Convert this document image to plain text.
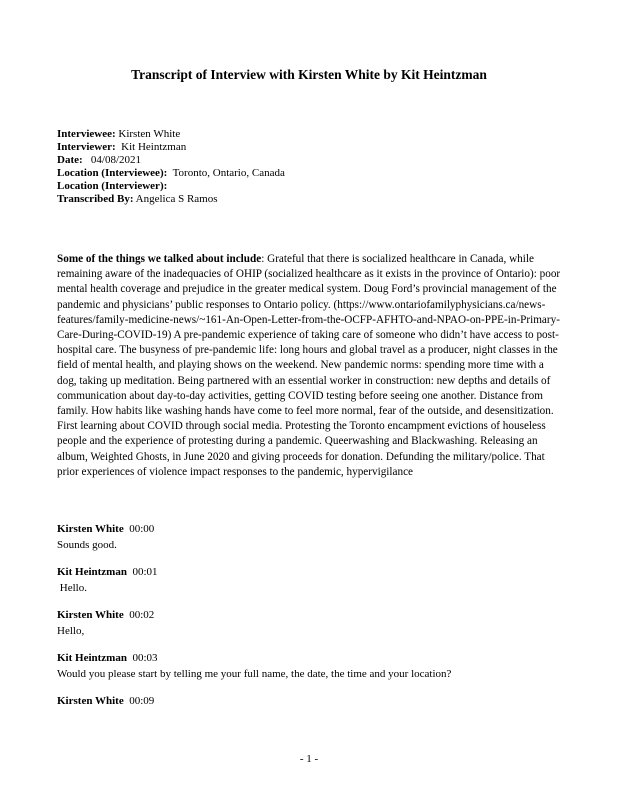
Transcript of Interview with Kirsten White by Kit Heintzman
Interviewee: Kirsten White
Interviewer:  Kit Heintzman
Date:   04/08/2021
Location (Interviewee):  Toronto, Ontario, Canada
Location (Interviewer):
Transcribed By: Angelica S Ramos
Some of the things we talked about include: Grateful that there is socialized healthcare in Canada, while remaining aware of the inadequacies of OHIP (socialized healthcare as it exists in the province of Ontario): poor mental health coverage and prejudice in the greater medical system. Doug Ford’s provincial management of the pandemic and physicians’ public responses to Ontario policy. (https://www.ontariofamilyphysicians.ca/news-features/family-medicine-news/~161-An-Open-Letter-from-the-OCFP-AFHTO-and-NPAO-on-PPE-in-Primary-Care-During-COVID-19) A pre-pandemic experience of taking care of someone who didn’t have access to post-hospital care. The busyness of pre-pandemic life: long hours and global travel as a producer, night classes in the field of mental health, and playing shows on the weekend. New pandemic norms: spending more time with a dog, taking up meditation. Being partnered with an essential worker in construction: new depths and details of communication about day-to-day activities, getting COVID testing before seeing one another. Distance from family. How habits like washing hands have come to feel more normal, fear of the outside, and desensitization. First learning about COVID through social media. Protesting the Toronto encampment evictions of houseless people and the experience of protesting during a pandemic. Queerwashing and Blackwashing. Releasing an album, Weighted Ghosts, in June 2020 and giving proceeds for donation. Defunding the military/police. That prior experiences of violence impact responses to the pandemic, hypervigilance
Kirsten White  00:00
Sounds good.
Kit Heintzman  00:01
Hello.
Kirsten White  00:02
Hello,
Kit Heintzman  00:03
Would you please start by telling me your full name, the date, the time and your location?
Kirsten White  00:09
- 1 -
